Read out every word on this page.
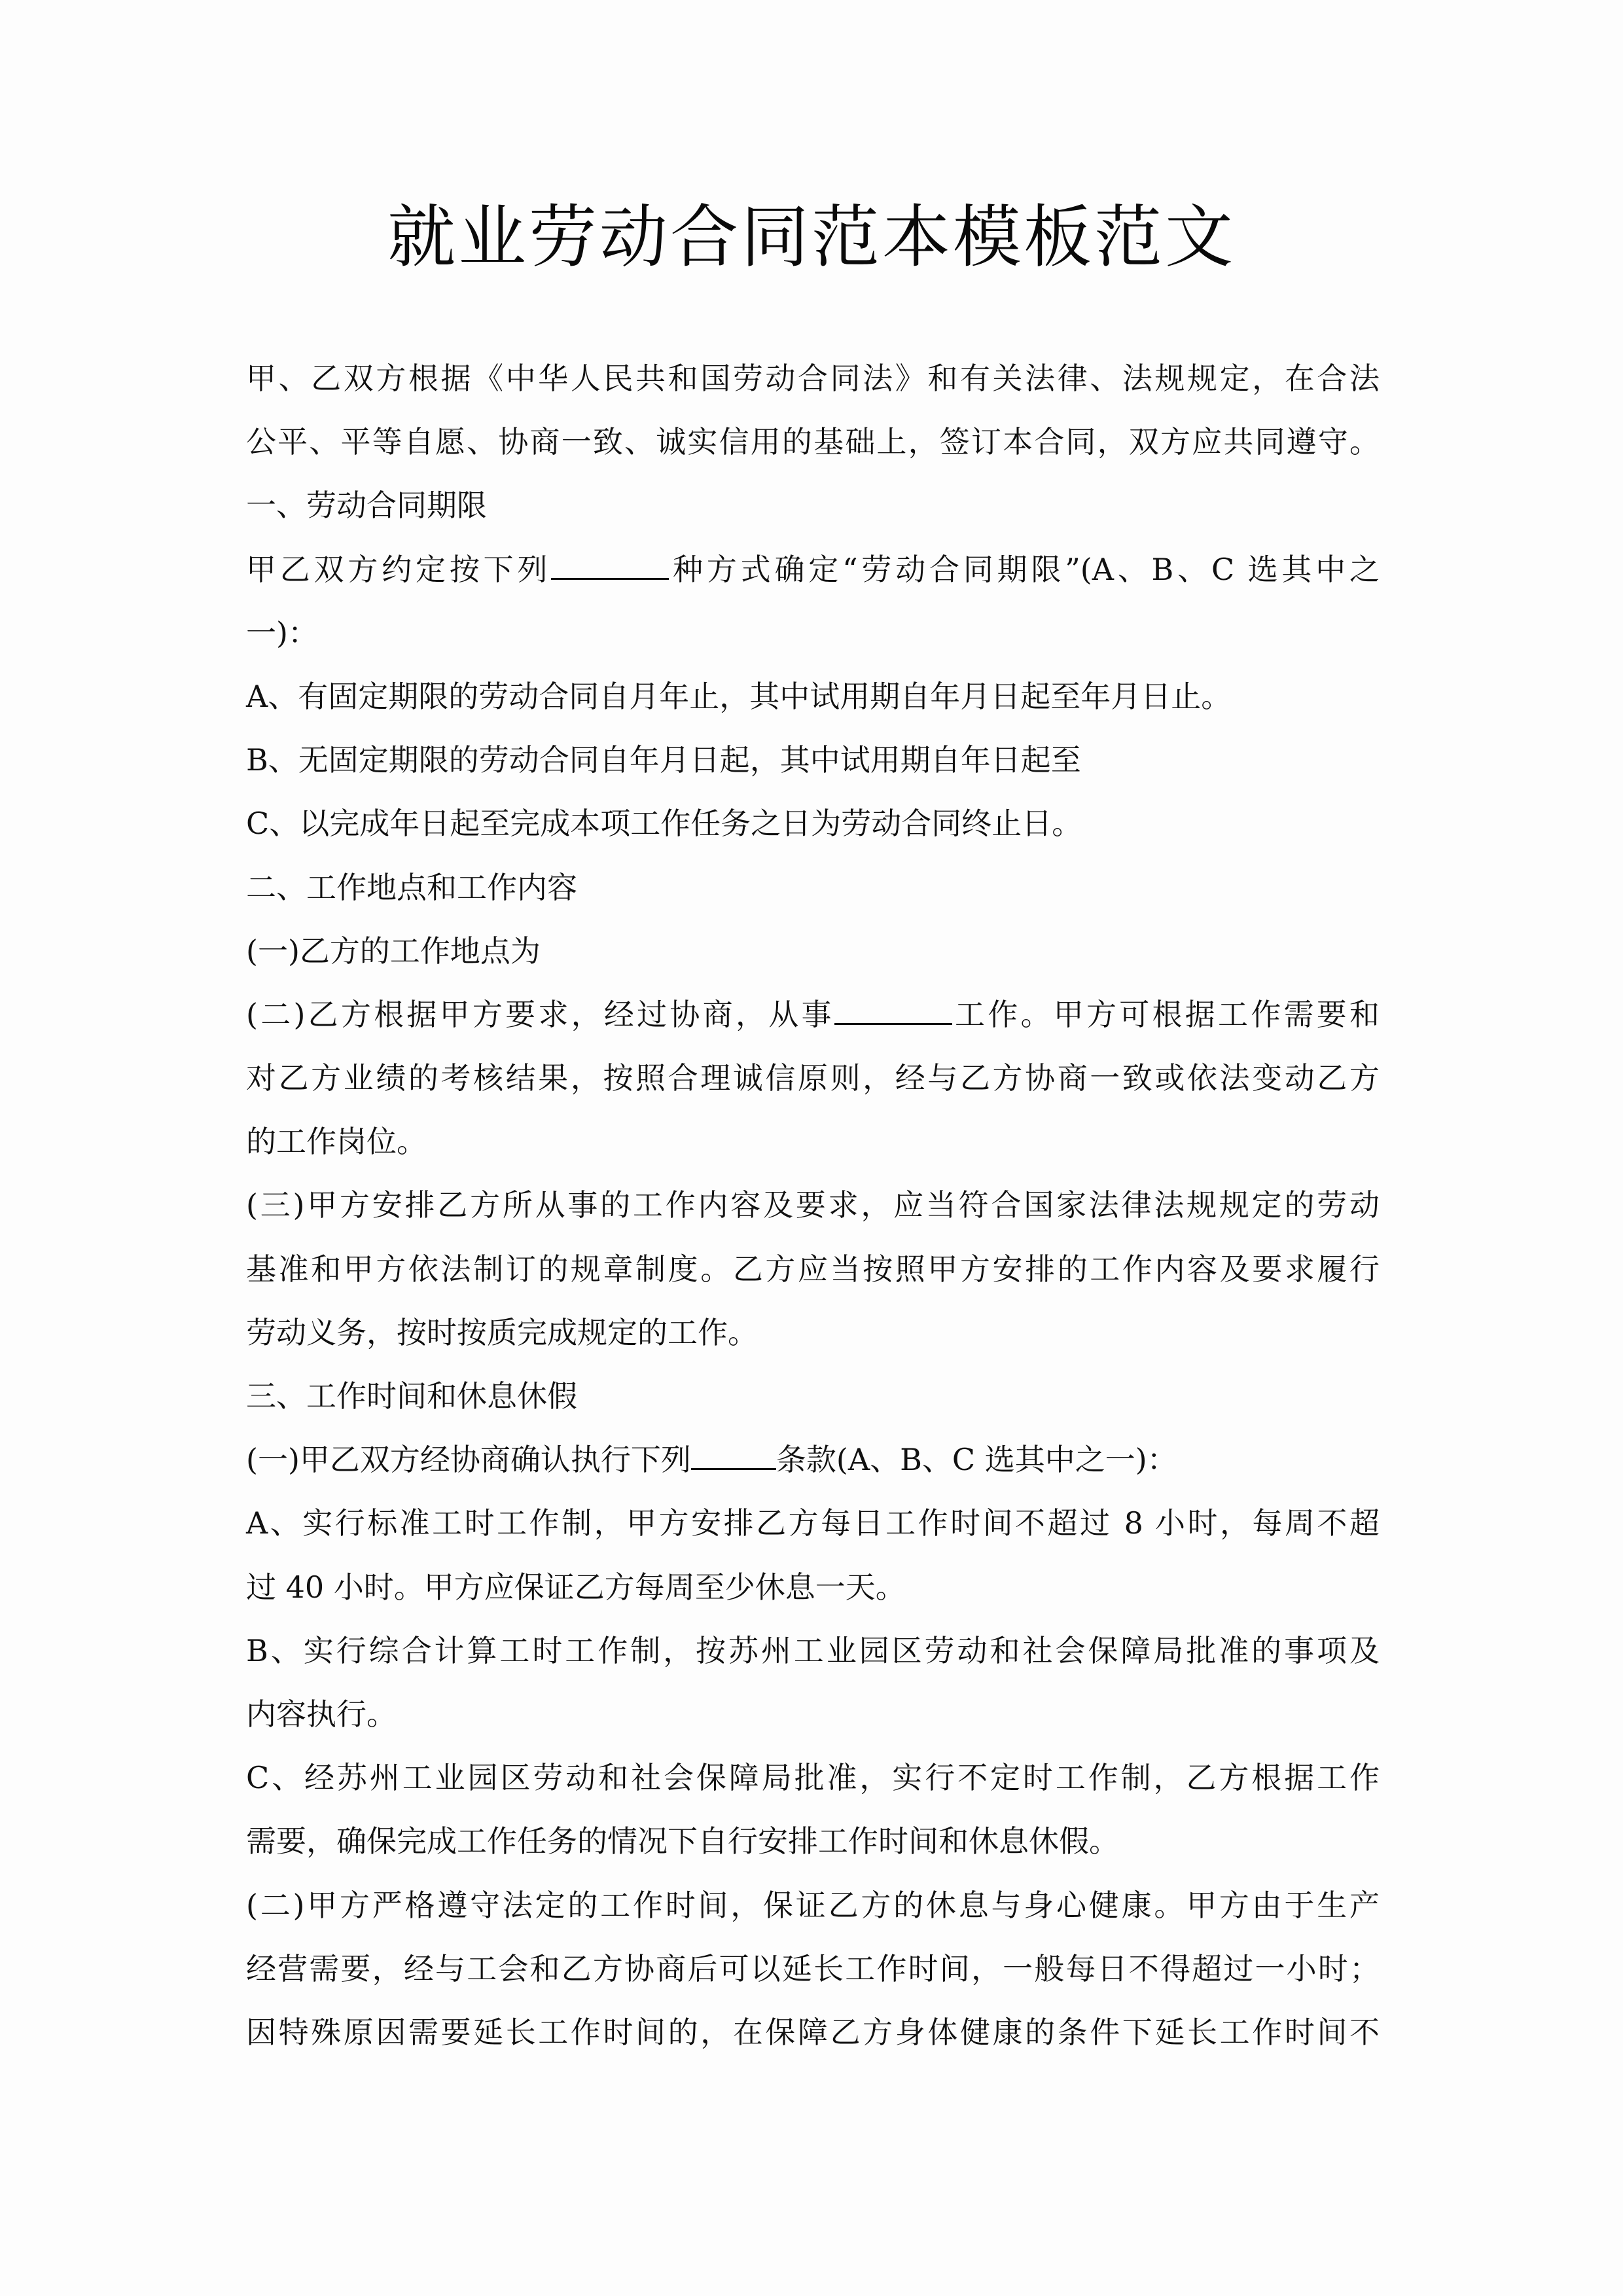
就业劳动合同范本模板范文
甲、乙双方根据《中华人民共和国劳动合同法》和有关法律、法规规定，在合法
公平、平等自愿、协商一致、诚实信用的基础上，签订本合同，双方应共同遵守。
一、劳动合同期限
甲乙双方约定按下列	种方式确定“劳动合同期限”(A、B、C 选其中之
一)：
A、有固定期限的劳动合同自月年止，其中试用期自年月日起至年月日止。
B、无固定期限的劳动合同自年月日起，其中试用期自年日起至
C、以完成年日起至完成本项工作任务之日为劳动合同终止日。
二、工作地点和工作内容
(一)乙方的工作地点为
(二)乙方根据甲方要求，经过协商，从事	工作。甲方可根据工作需要和
对乙方业绩的考核结果，按照合理诚信原则，经与乙方协商一致或依法变动乙方
的工作岗位。
(三)甲方安排乙方所从事的工作内容及要求，应当符合国家法律法规规定的劳动
基准和甲方依法制订的规章制度。乙方应当按照甲方安排的工作内容及要求履行
劳动义务，按时按质完成规定的工作。
三、工作时间和休息休假
(一)甲乙双方经协商确认执行下列	条款(A、B、C 选其中之一)：
A、实行标准工时工作制，甲方安排乙方每日工作时间不超过 8 小时，每周不超
过 40 小时。甲方应保证乙方每周至少休息一天。
B、实行综合计算工时工作制，按苏州工业园区劳动和社会保障局批准的事项及
内容执行。
C、经苏州工业园区劳动和社会保障局批准，实行不定时工作制，乙方根据工作
需要，确保完成工作任务的情况下自行安排工作时间和休息休假。
(二)甲方严格遵守法定的工作时间，保证乙方的休息与身心健康。甲方由于生产
经营需要，经与工会和乙方协商后可以延长工作时间，一般每日不得超过一小时；
因特殊原因需要延长工作时间的，在保障乙方身体健康的条件下延长工作时间不
